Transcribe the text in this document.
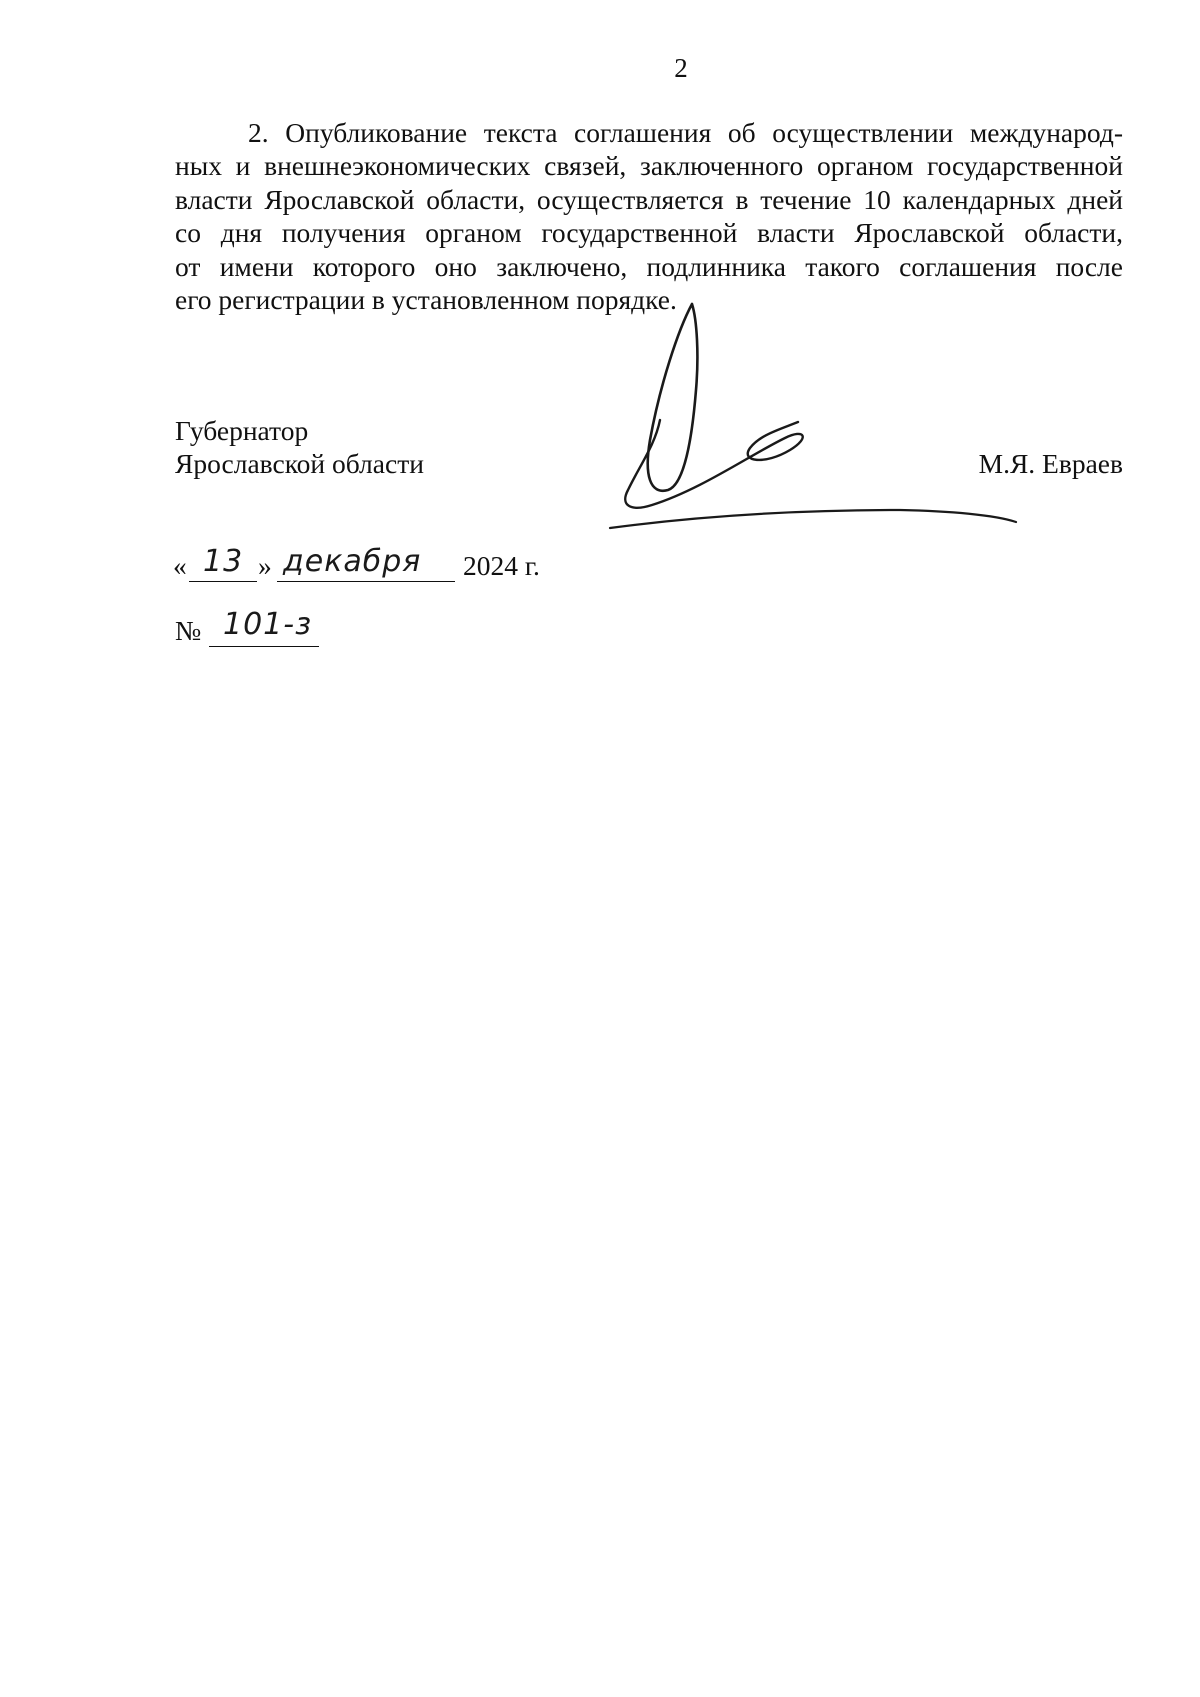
2
2. Опубликование текста соглашения об осуществлении международ-
ных и внешнеэкономических связей, заключенного органом государственной
власти Ярославской области, осуществляется в течение 10 календарных дней
со дня получения органом государственной власти Ярославской области,
от имени которого оно заключено, подлинника такого соглашения после
его регистрации в установленном порядке.
Губернатор
Ярославской области	М.Я. Евраев
« 13 » декабря 2024 г.
№ 101-з
